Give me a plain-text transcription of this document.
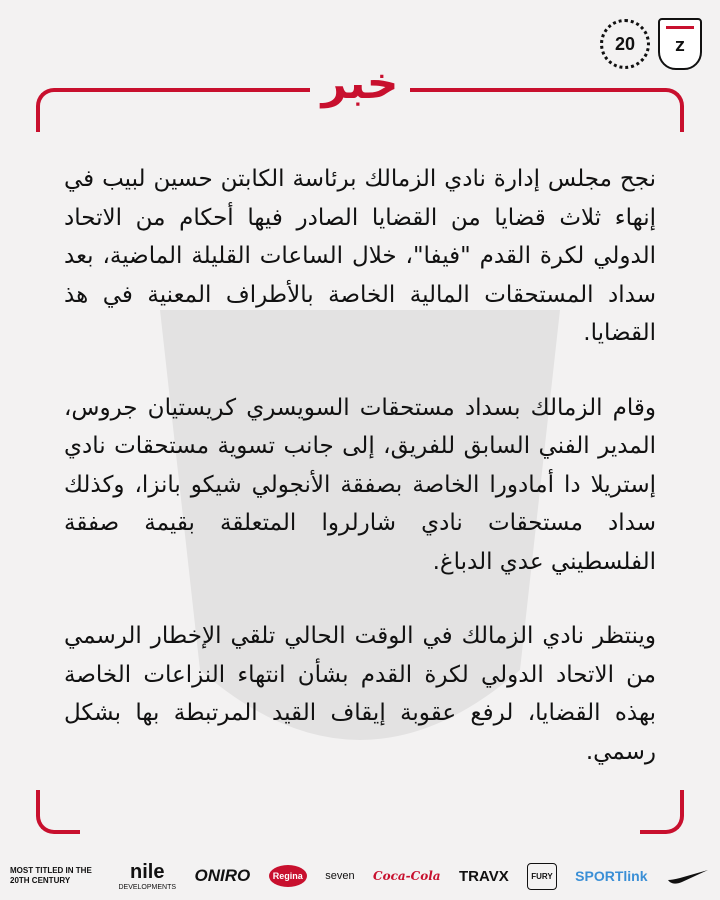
20	Z
خبر

نجح مجلس إدارة نادي الزمالك برئاسة الكابتن حسين لبيب في إنهاء ثلاث قضايا من القضايا الصادر فيها أحكام من الاتحاد الدولي لكرة القدم "فيفا"، خلال الساعات القليلة الماضية، بعد سداد المستحقات المالية الخاصة بالأطراف المعنية في هذ القضايا.

وقام الزمالك بسداد مستحقات السويسري كريستيان جروس، المدير الفني السابق للفريق، إلى جانب تسوية مستحقات نادي إستريلا دا أمادورا الخاصة بصفقة الأنجولي شيكو بانزا، وكذلك سداد مستحقات نادي شارلروا المتعلقة بقيمة صفقة الفلسطيني عدي الدباغ.

وينتظر نادي الزمالك في الوقت الحالي تلقي الإخطار الرسمي من الاتحاد الدولي لكرة القدم بشأن انتهاء النزاعات الخاصة بهذه القضايا، لرفع عقوبة إيقاف القيد المرتبطة بها بشكل رسمي.

MOST TITLED IN THE 20TH CENTURY	nile
DEVELOPMENTS
ONIRO	Regina	seven Coca-Cola TRAVX	FURY SPORTlink
